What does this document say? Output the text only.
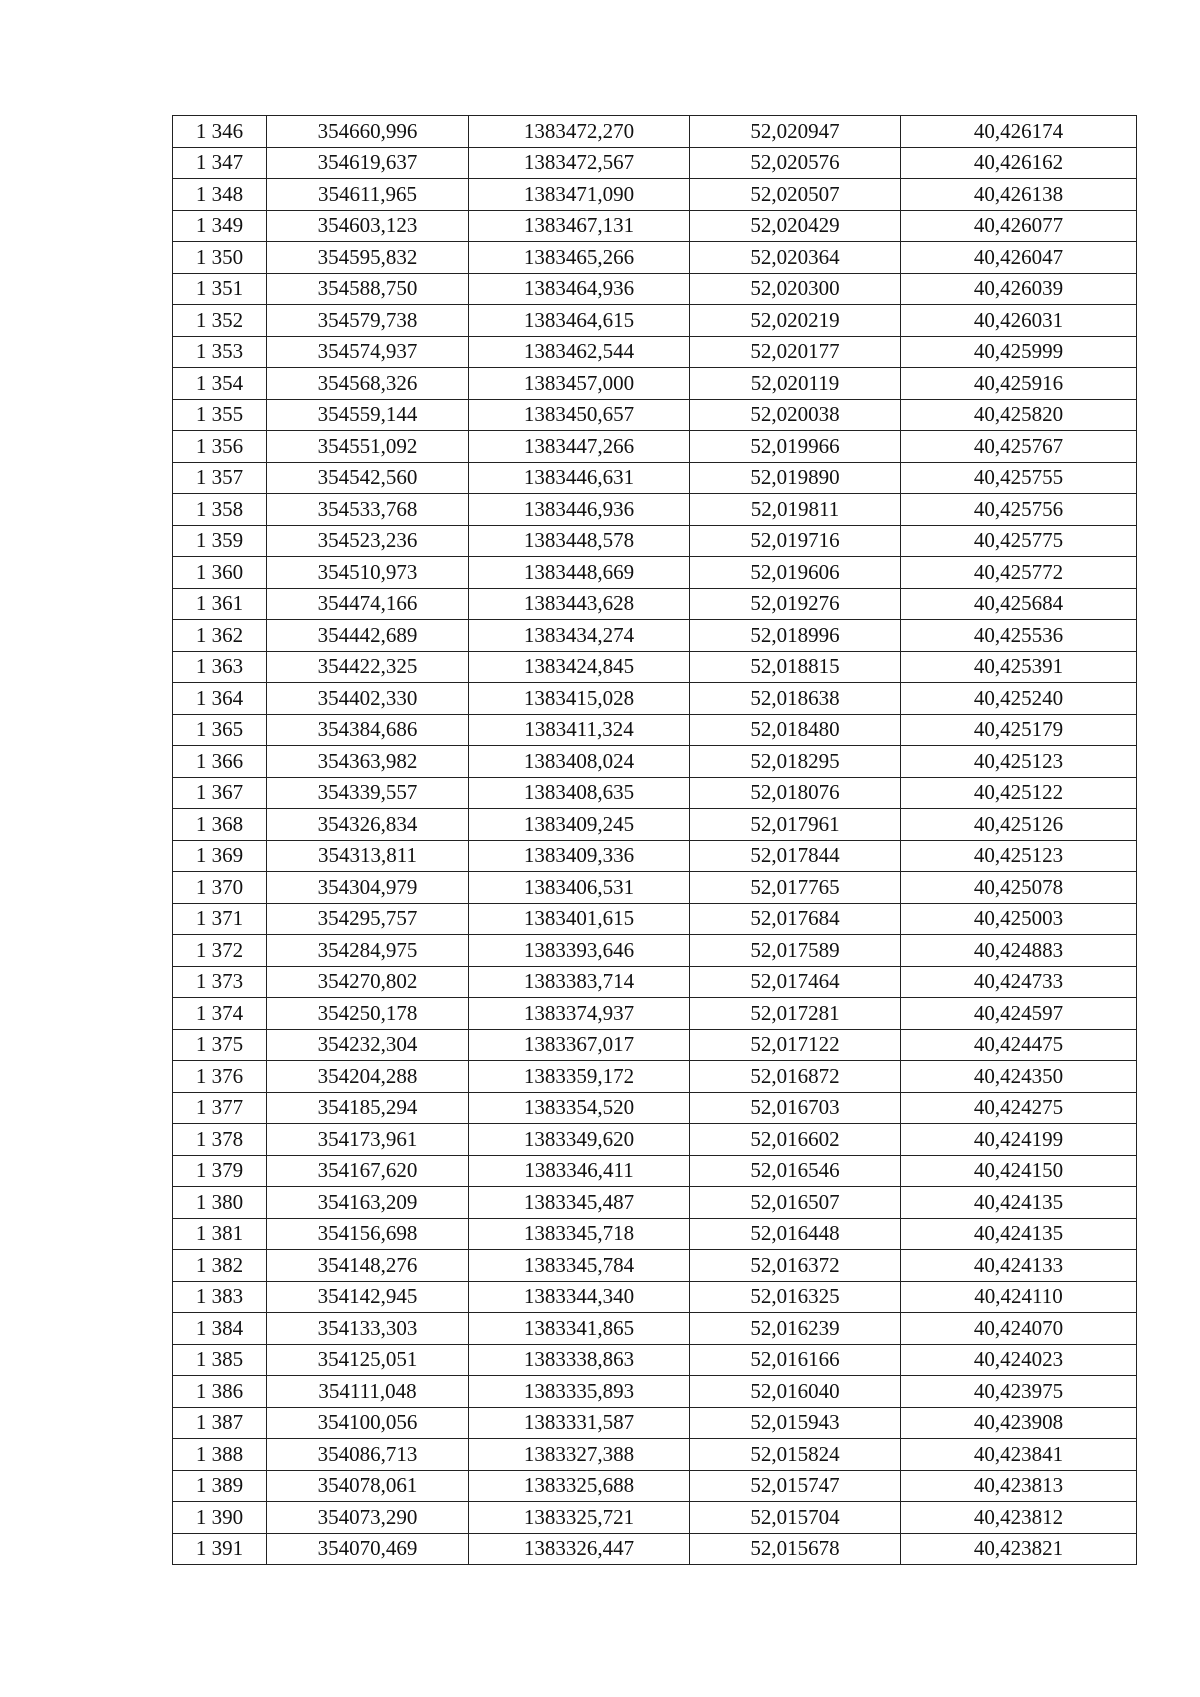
1 346	354660,996	1383472,270	52,020947	40,426174
1 347	354619,637	1383472,567	52,020576	40,426162
1 348	354611,965	1383471,090	52,020507	40,426138
1 349	354603,123	1383467,131	52,020429	40,426077
1 350	354595,832	1383465,266	52,020364	40,426047
1 351	354588,750	1383464,936	52,020300	40,426039
1 352	354579,738	1383464,615	52,020219	40,426031
1 353	354574,937	1383462,544	52,020177	40,425999
1 354	354568,326	1383457,000	52,020119	40,425916
1 355	354559,144	1383450,657	52,020038	40,425820
1 356	354551,092	1383447,266	52,019966	40,425767
1 357	354542,560	1383446,631	52,019890	40,425755
1 358	354533,768	1383446,936	52,019811	40,425756
1 359	354523,236	1383448,578	52,019716	40,425775
1 360	354510,973	1383448,669	52,019606	40,425772
1 361	354474,166	1383443,628	52,019276	40,425684
1 362	354442,689	1383434,274	52,018996	40,425536
1 363	354422,325	1383424,845	52,018815	40,425391
1 364	354402,330	1383415,028	52,018638	40,425240
1 365	354384,686	1383411,324	52,018480	40,425179
1 366	354363,982	1383408,024	52,018295	40,425123
1 367	354339,557	1383408,635	52,018076	40,425122
1 368	354326,834	1383409,245	52,017961	40,425126
1 369	354313,811	1383409,336	52,017844	40,425123
1 370	354304,979	1383406,531	52,017765	40,425078
1 371	354295,757	1383401,615	52,017684	40,425003
1 372	354284,975	1383393,646	52,017589	40,424883
1 373	354270,802	1383383,714	52,017464	40,424733
1 374	354250,178	1383374,937	52,017281	40,424597
1 375	354232,304	1383367,017	52,017122	40,424475
1 376	354204,288	1383359,172	52,016872	40,424350
1 377	354185,294	1383354,520	52,016703	40,424275
1 378	354173,961	1383349,620	52,016602	40,424199
1 379	354167,620	1383346,411	52,016546	40,424150
1 380	354163,209	1383345,487	52,016507	40,424135
1 381	354156,698	1383345,718	52,016448	40,424135
1 382	354148,276	1383345,784	52,016372	40,424133
1 383	354142,945	1383344,340	52,016325	40,424110
1 384	354133,303	1383341,865	52,016239	40,424070
1 385	354125,051	1383338,863	52,016166	40,424023
1 386	354111,048	1383335,893	52,016040	40,423975
1 387	354100,056	1383331,587	52,015943	40,423908
1 388	354086,713	1383327,388	52,015824	40,423841
1 389	354078,061	1383325,688	52,015747	40,423813
1 390	354073,290	1383325,721	52,015704	40,423812
1 391	354070,469	1383326,447	52,015678	40,423821
